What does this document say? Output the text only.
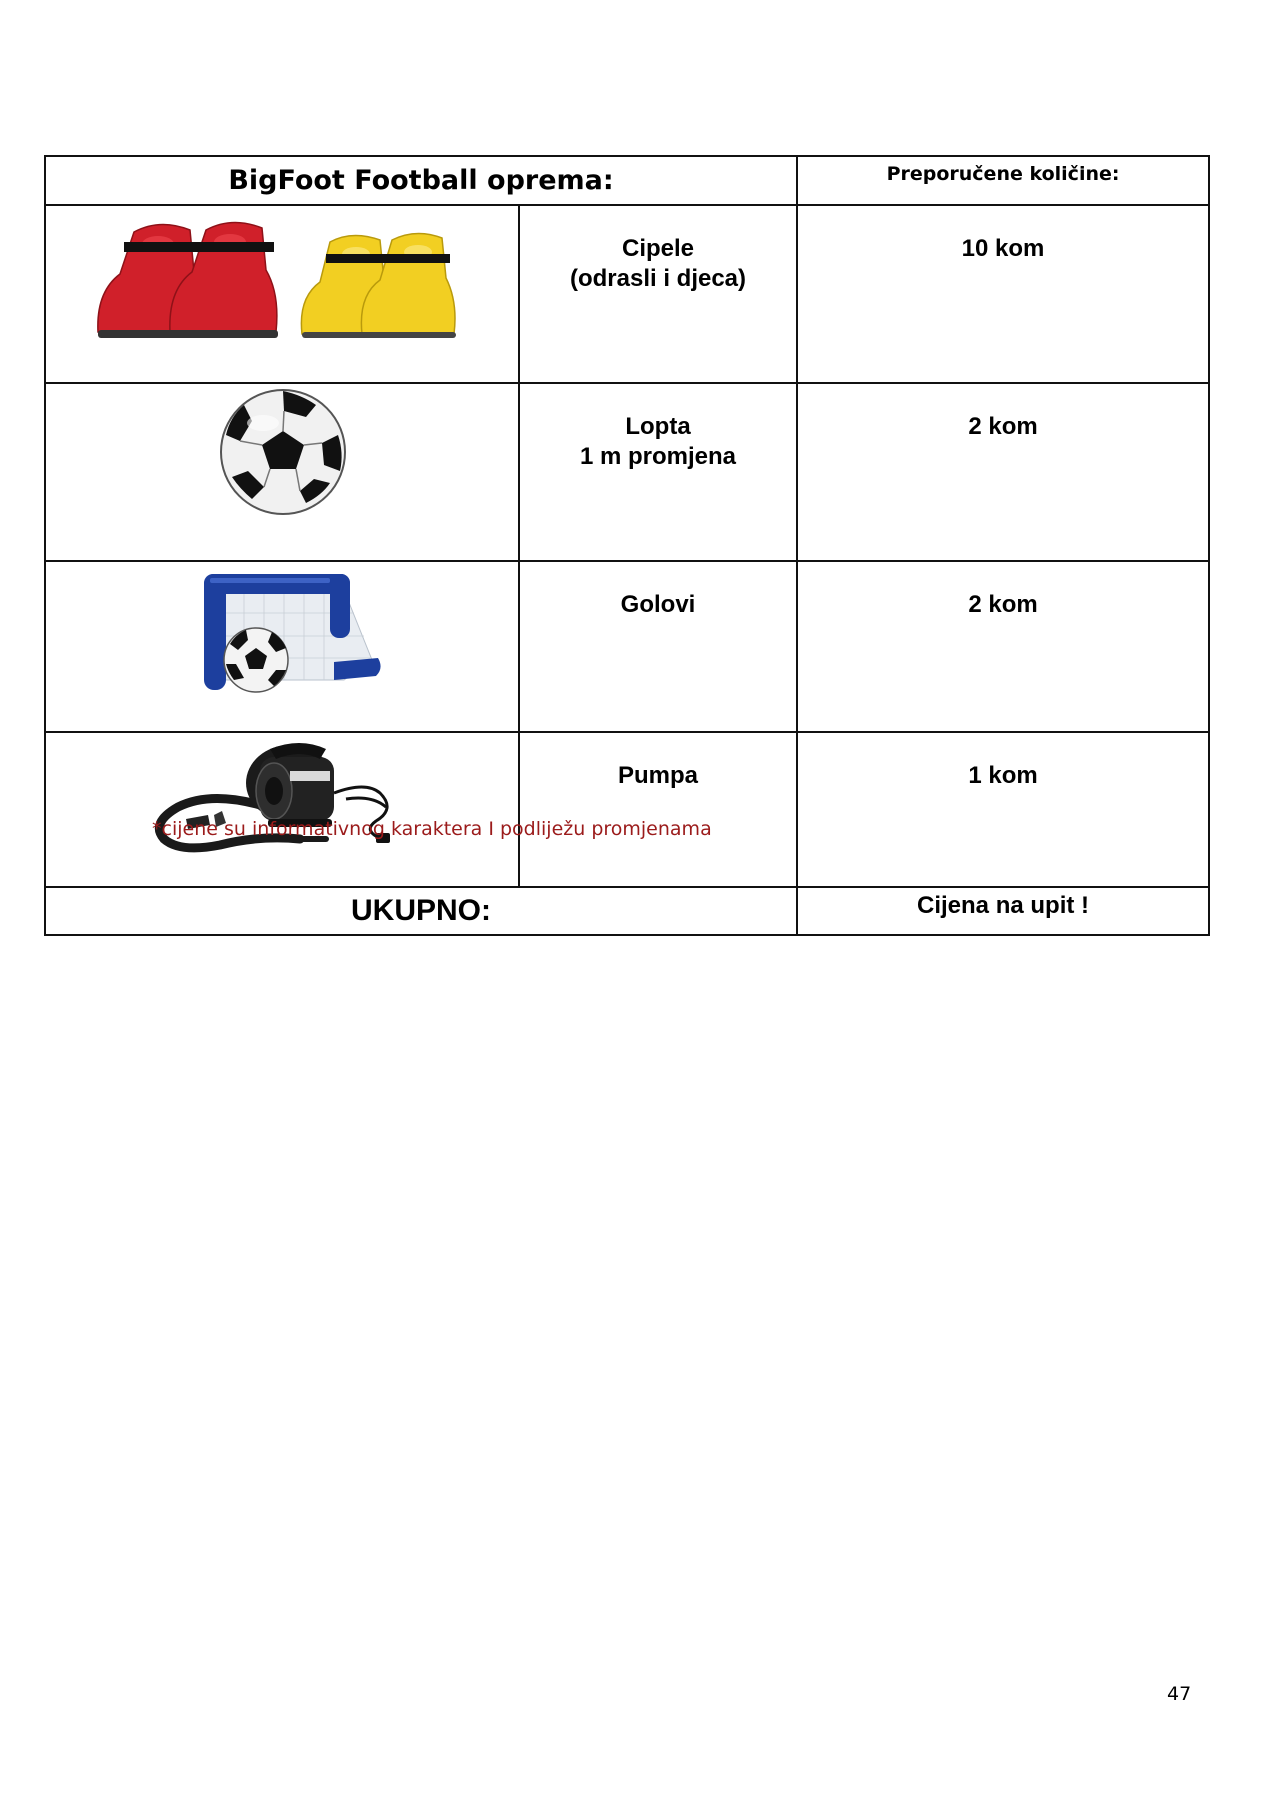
BigFoot Football oprema:		Preporučene količine:

Cipele
(odrasli i djeca)	10 kom

Lopta
1 m promjena	2 kom

Golovi	2 kom

Pumpa	1 kom
UKUPNO:		Cijena na upit !
*cijene su informativnog karaktera I podliježu promjenama
47
